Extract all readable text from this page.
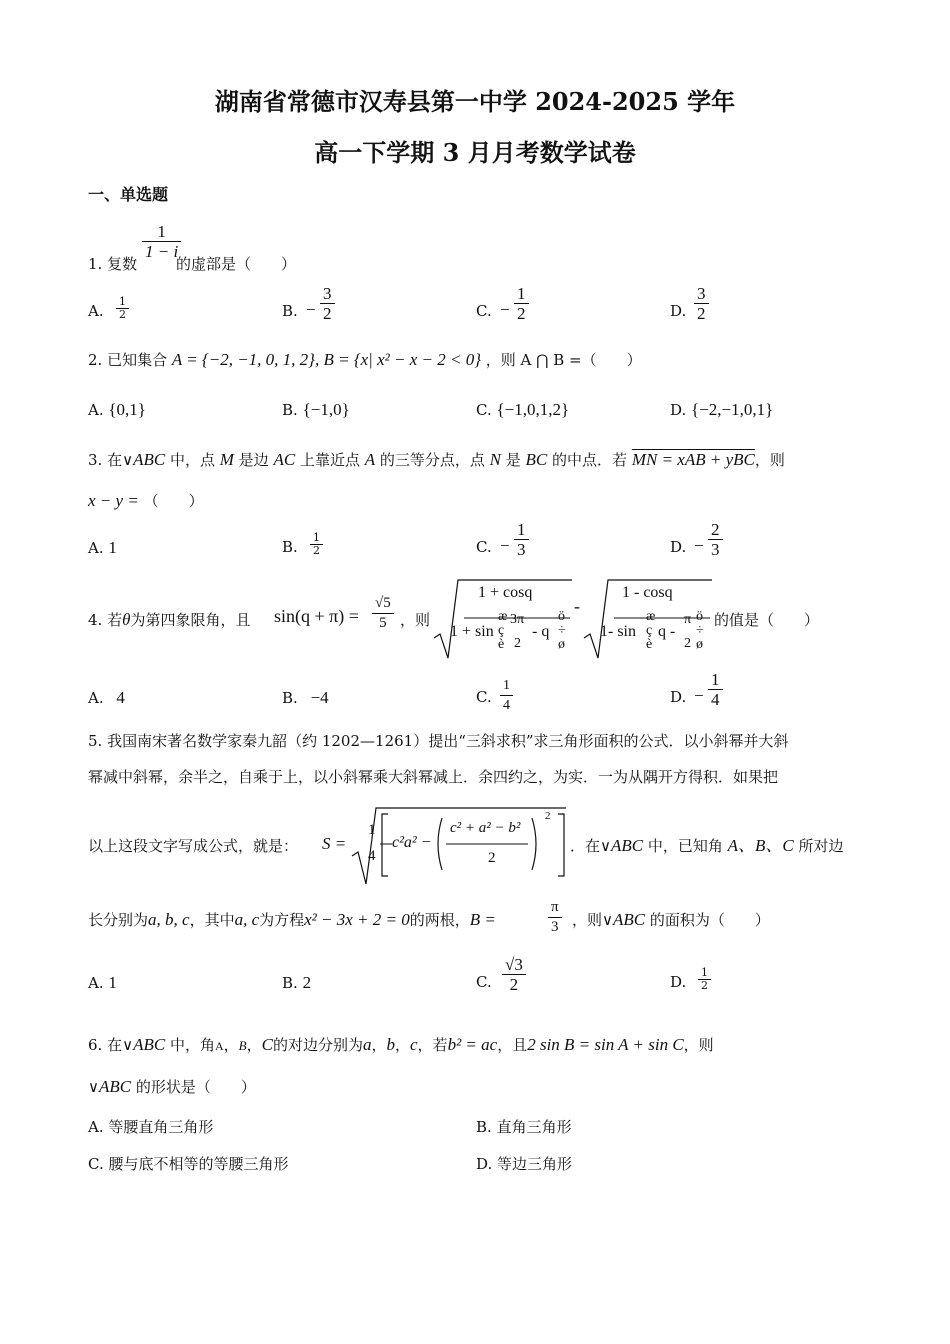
湖南省常德市汉寿县第一中学 2024-2025 学年
高一下学期 3 月月考数学试卷
一、单选题
1. 复数
$\frac{1}{1 - i}$
的虚部是（　　）
A. $\frac{1}{2}$	B. − $\frac{3}{2}$	C. − $\frac{1}{2}$	D. $\frac{3}{2}$
2. 已知集合 A = {−2, −1, 0, 1, 2}, B = {x| x² − x − 2 < 0} ，则 A ⋂ B =（　　）
A. {0,1}	B. {−1,0}	C. {−1,0,1,2}	D. {−2,−1,0,1}
3. 在∨ABC 中，点 M 是边 AC 上靠近点 A 的三等分点，点 N 是 BC 的中点．若 MN = xAB + yBC，则
x − y = （　　）
A. 1	B. $\frac{1}{2}$	C. − $\frac{1}{3}$	D. − $\frac{2}{3}$
4. 若θ为第四象限角，且 $\sin(q + \pi) = \frac{√5}{5}$ ，则
1 + cosq
1 + sin
æ
ç
è
3π
2
- q
ö
÷
ø
-
1 - cosq
1- sin
æ
ç
è
q -
π
2
ö
÷
ø
的值是（　　）
A. 4	B. −4	C. $\frac{1}{4}$	D. − $\frac{1}{4}$
5. 我国南宋著名数学家秦九韶（约 1202—1261）提出“三斜求积”求三角形面积的公式．以小斜幂并大斜
幂减中斜幂，余半之，自乘于上，以小斜幂乘大斜幂减上．余四约之，为实．一为从隅开方得积．如果把
以上这段文字写成公式，就是： S =
1
4
c²a² −
c² + a² − b²
2
2
．在∨ABC 中，已知角 A、B、C 所对边
长分别为a, b, c，其中a, c为方程x² − 3x + 2 = 0的两根，B =	$\frac{\pi}{3}$ ，则∨ABC 的面积为（　　）
A. 1	B. 2	C. $\frac{√3}{2}$	D. $\frac{1}{2}$
6. 在∨ABC 中，角A，B，C的对边分别为a，b，c，若b² = ac，且2 sin B = sin A + sin C，则
∨ABC 的形状是（　　）
A. 等腰直角三角形	B. 直角三角形
C. 腰与底不相等的等腰三角形	D. 等边三角形
